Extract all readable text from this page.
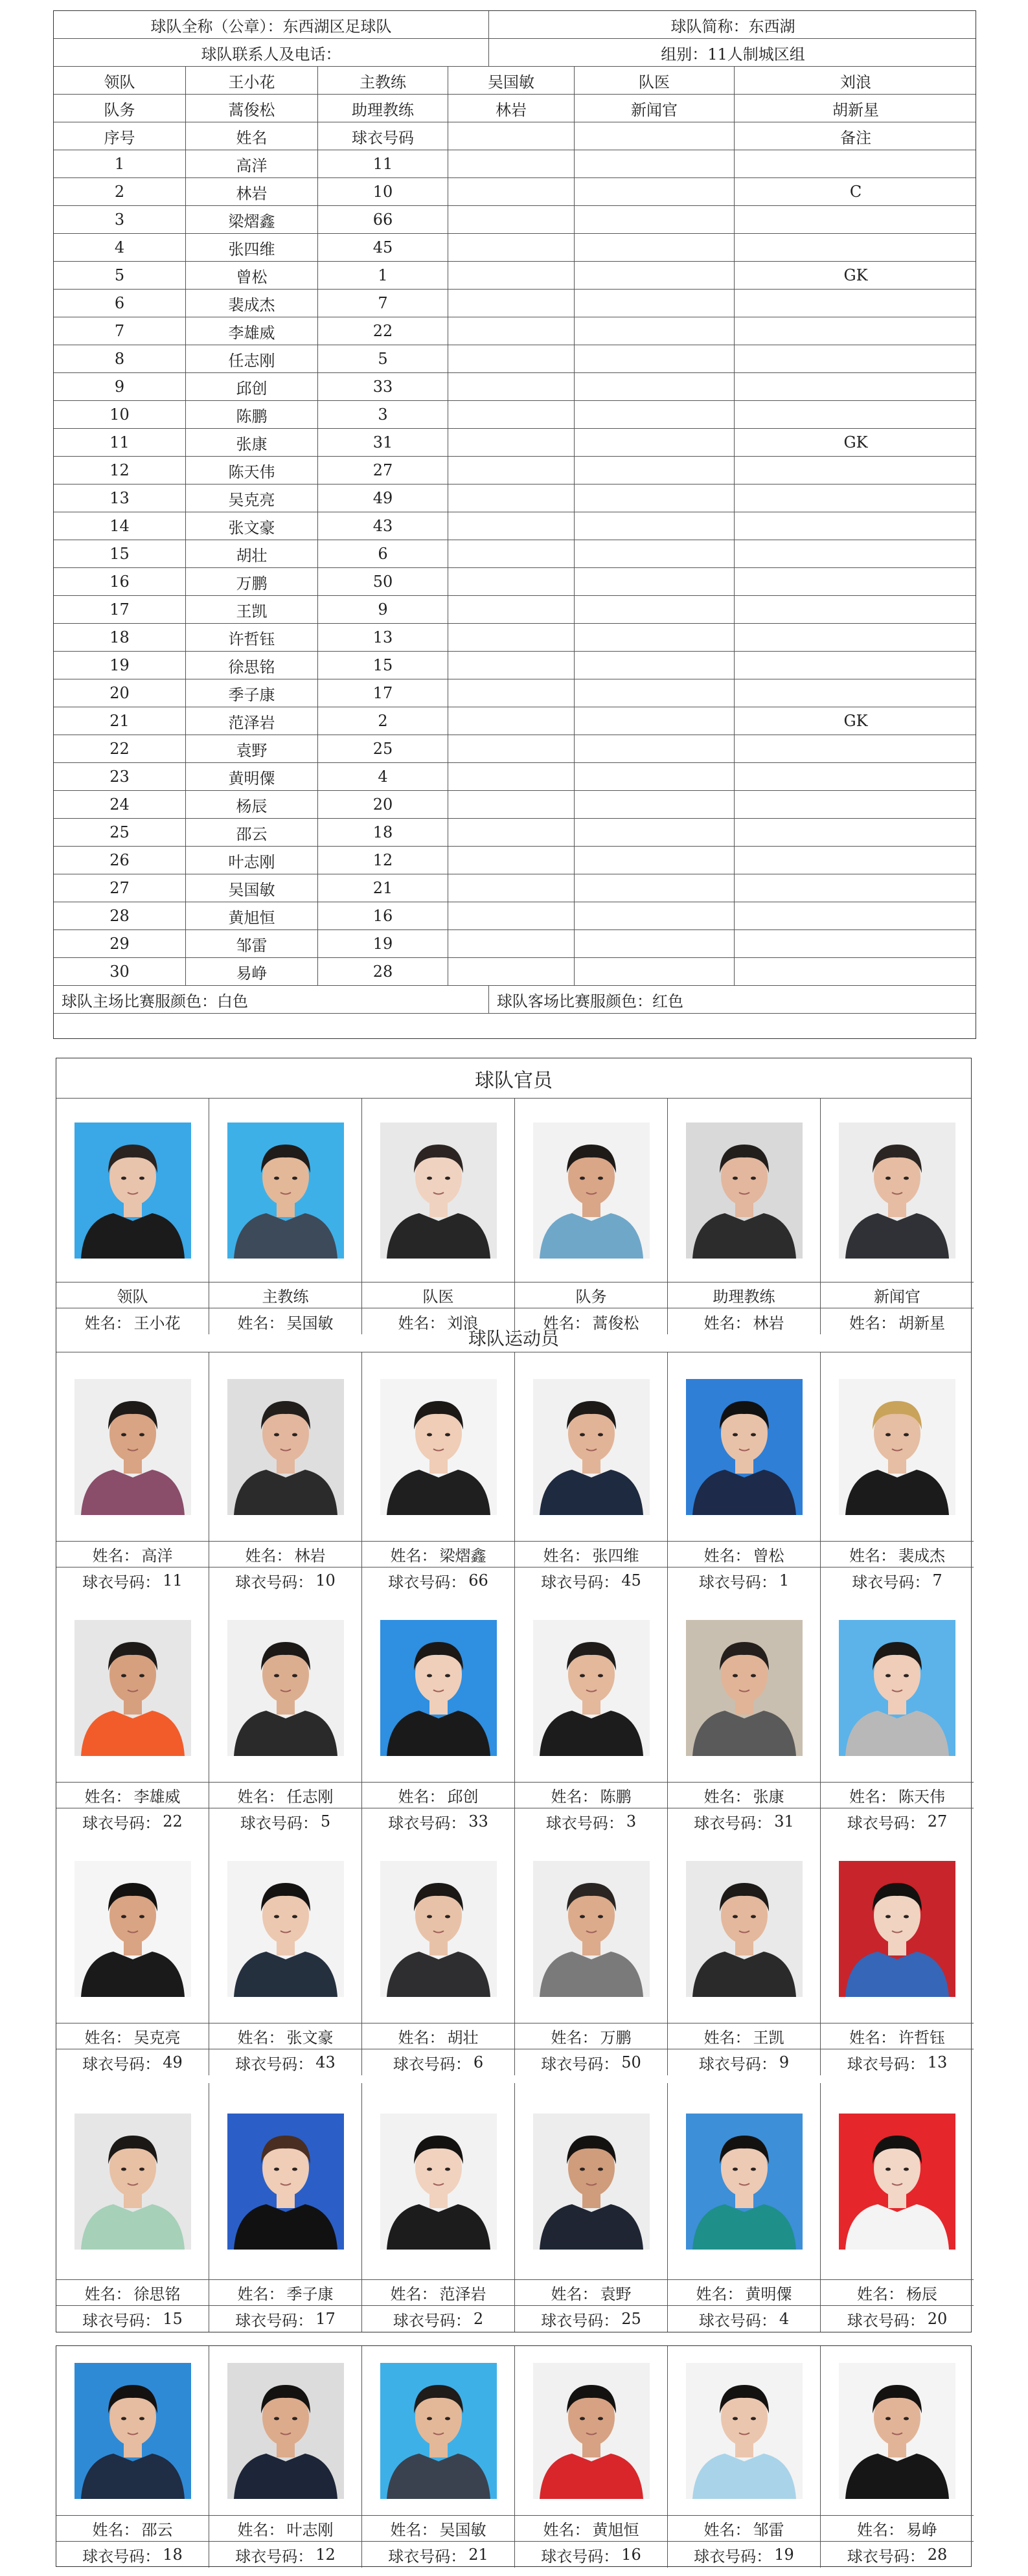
球队全称（公章）： 东西湖区足球队	球队简称： 东西湖
球队联系人及电话：	组别： 11人制城区组
领队	王小花	主教练	吴国敏	队医	刘浪
队务	蒿俊松	助理教练	林岩	新闻官	胡新星
序号	姓名	球衣号码	备注
1	高洋	11
2	林岩	10	C
3	梁熠鑫	66
4	张四维	45
5	曾松	1	GK
6	裴成杰	7
7	李雄威	22
8	任志刚	5
9	邱创	33
10	陈鹏	3
11	张康	31	GK
12	陈天伟	27
13	吴克亮	49
14	张文豪	43
15	胡壮	6
16	万鹏	50
17	王凯	9
18	许哲钰	13
19	徐思铭	15
20	季子康	17
21	范泽岩	2	GK
22	袁野	25
23	黄明僳	4
24	杨辰	20
25	邵云	18
26	叶志刚	12
27	吴国敏	21
28	黄旭恒	16
29	邹雷	19
30	易峥	28
球队主场比赛服颜色： 白色	球队客场比赛服颜色： 红色
球队官员
球队运动员
领队
姓名： 王小花
主教练
姓名： 吴国敏
队医
姓名： 刘浪
队务
姓名： 蒿俊松
助理教练
姓名： 林岩
新闻官
姓名： 胡新星
姓名： 高洋
球衣号码： 11
姓名： 林岩
球衣号码： 10
姓名： 梁熠鑫
球衣号码： 66
姓名： 张四维
球衣号码： 45
姓名： 曾松
球衣号码： 1
姓名： 裴成杰
球衣号码： 7
姓名： 李雄威
球衣号码： 22
姓名： 任志刚
球衣号码： 5
姓名： 邱创
球衣号码： 33
姓名： 陈鹏
球衣号码： 3
姓名： 张康
球衣号码： 31
姓名： 陈天伟
球衣号码： 27
姓名： 吴克亮
球衣号码： 49
姓名： 张文豪
球衣号码： 43
姓名： 胡壮
球衣号码： 6
姓名： 万鹏
球衣号码： 50
姓名： 王凯
球衣号码： 9
姓名： 许哲钰
球衣号码： 13
姓名： 徐思铭
球衣号码： 15
姓名： 季子康
球衣号码： 17
姓名： 范泽岩
球衣号码： 2
姓名： 袁野
球衣号码： 25
姓名： 黄明僳
球衣号码： 4
姓名： 杨辰
球衣号码： 20
姓名： 邵云
球衣号码： 18
姓名： 叶志刚
球衣号码： 12
姓名： 吴国敏
球衣号码： 21
姓名： 黄旭恒
球衣号码： 16
姓名： 邹雷
球衣号码： 19
姓名： 易峥
球衣号码： 28
